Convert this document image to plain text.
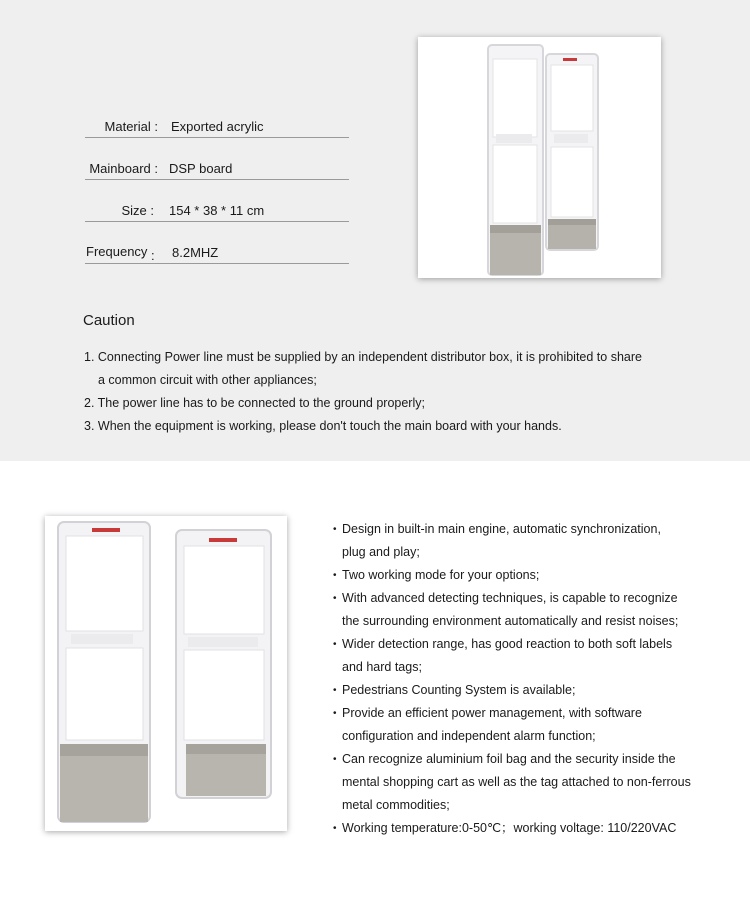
Material : Exported acrylic
Mainboard : DSP board
Size : 154 * 38 * 11 cm
Frequency : 8.2MHZ
Caution
1. Connecting Power line must be supplied by an independent distributor box, it is prohibited to share
a common circuit with other appliances;
2. The power line has to be connected to the ground properly;
3. When the equipment is working, please don't touch the main board with your hands.
• Design in built-in main engine, automatic synchronization,
plug and play;
• Two working mode for your options;
• With advanced detecting techniques, is capable to recognize
the surrounding environment automatically and resist noises;
• Wider detection range, has good reaction to both soft labels
and hard tags;
• Pedestrians Counting System is available;
• Provide an efficient power management, with software
configuration and independent alarm function;
• Can recognize aluminium foil bag and the security inside the
mental shopping cart as well as the tag attached to non-ferrous
metal commodities;
• Working temperature:0-50℃；working voltage: 110/220VAC
